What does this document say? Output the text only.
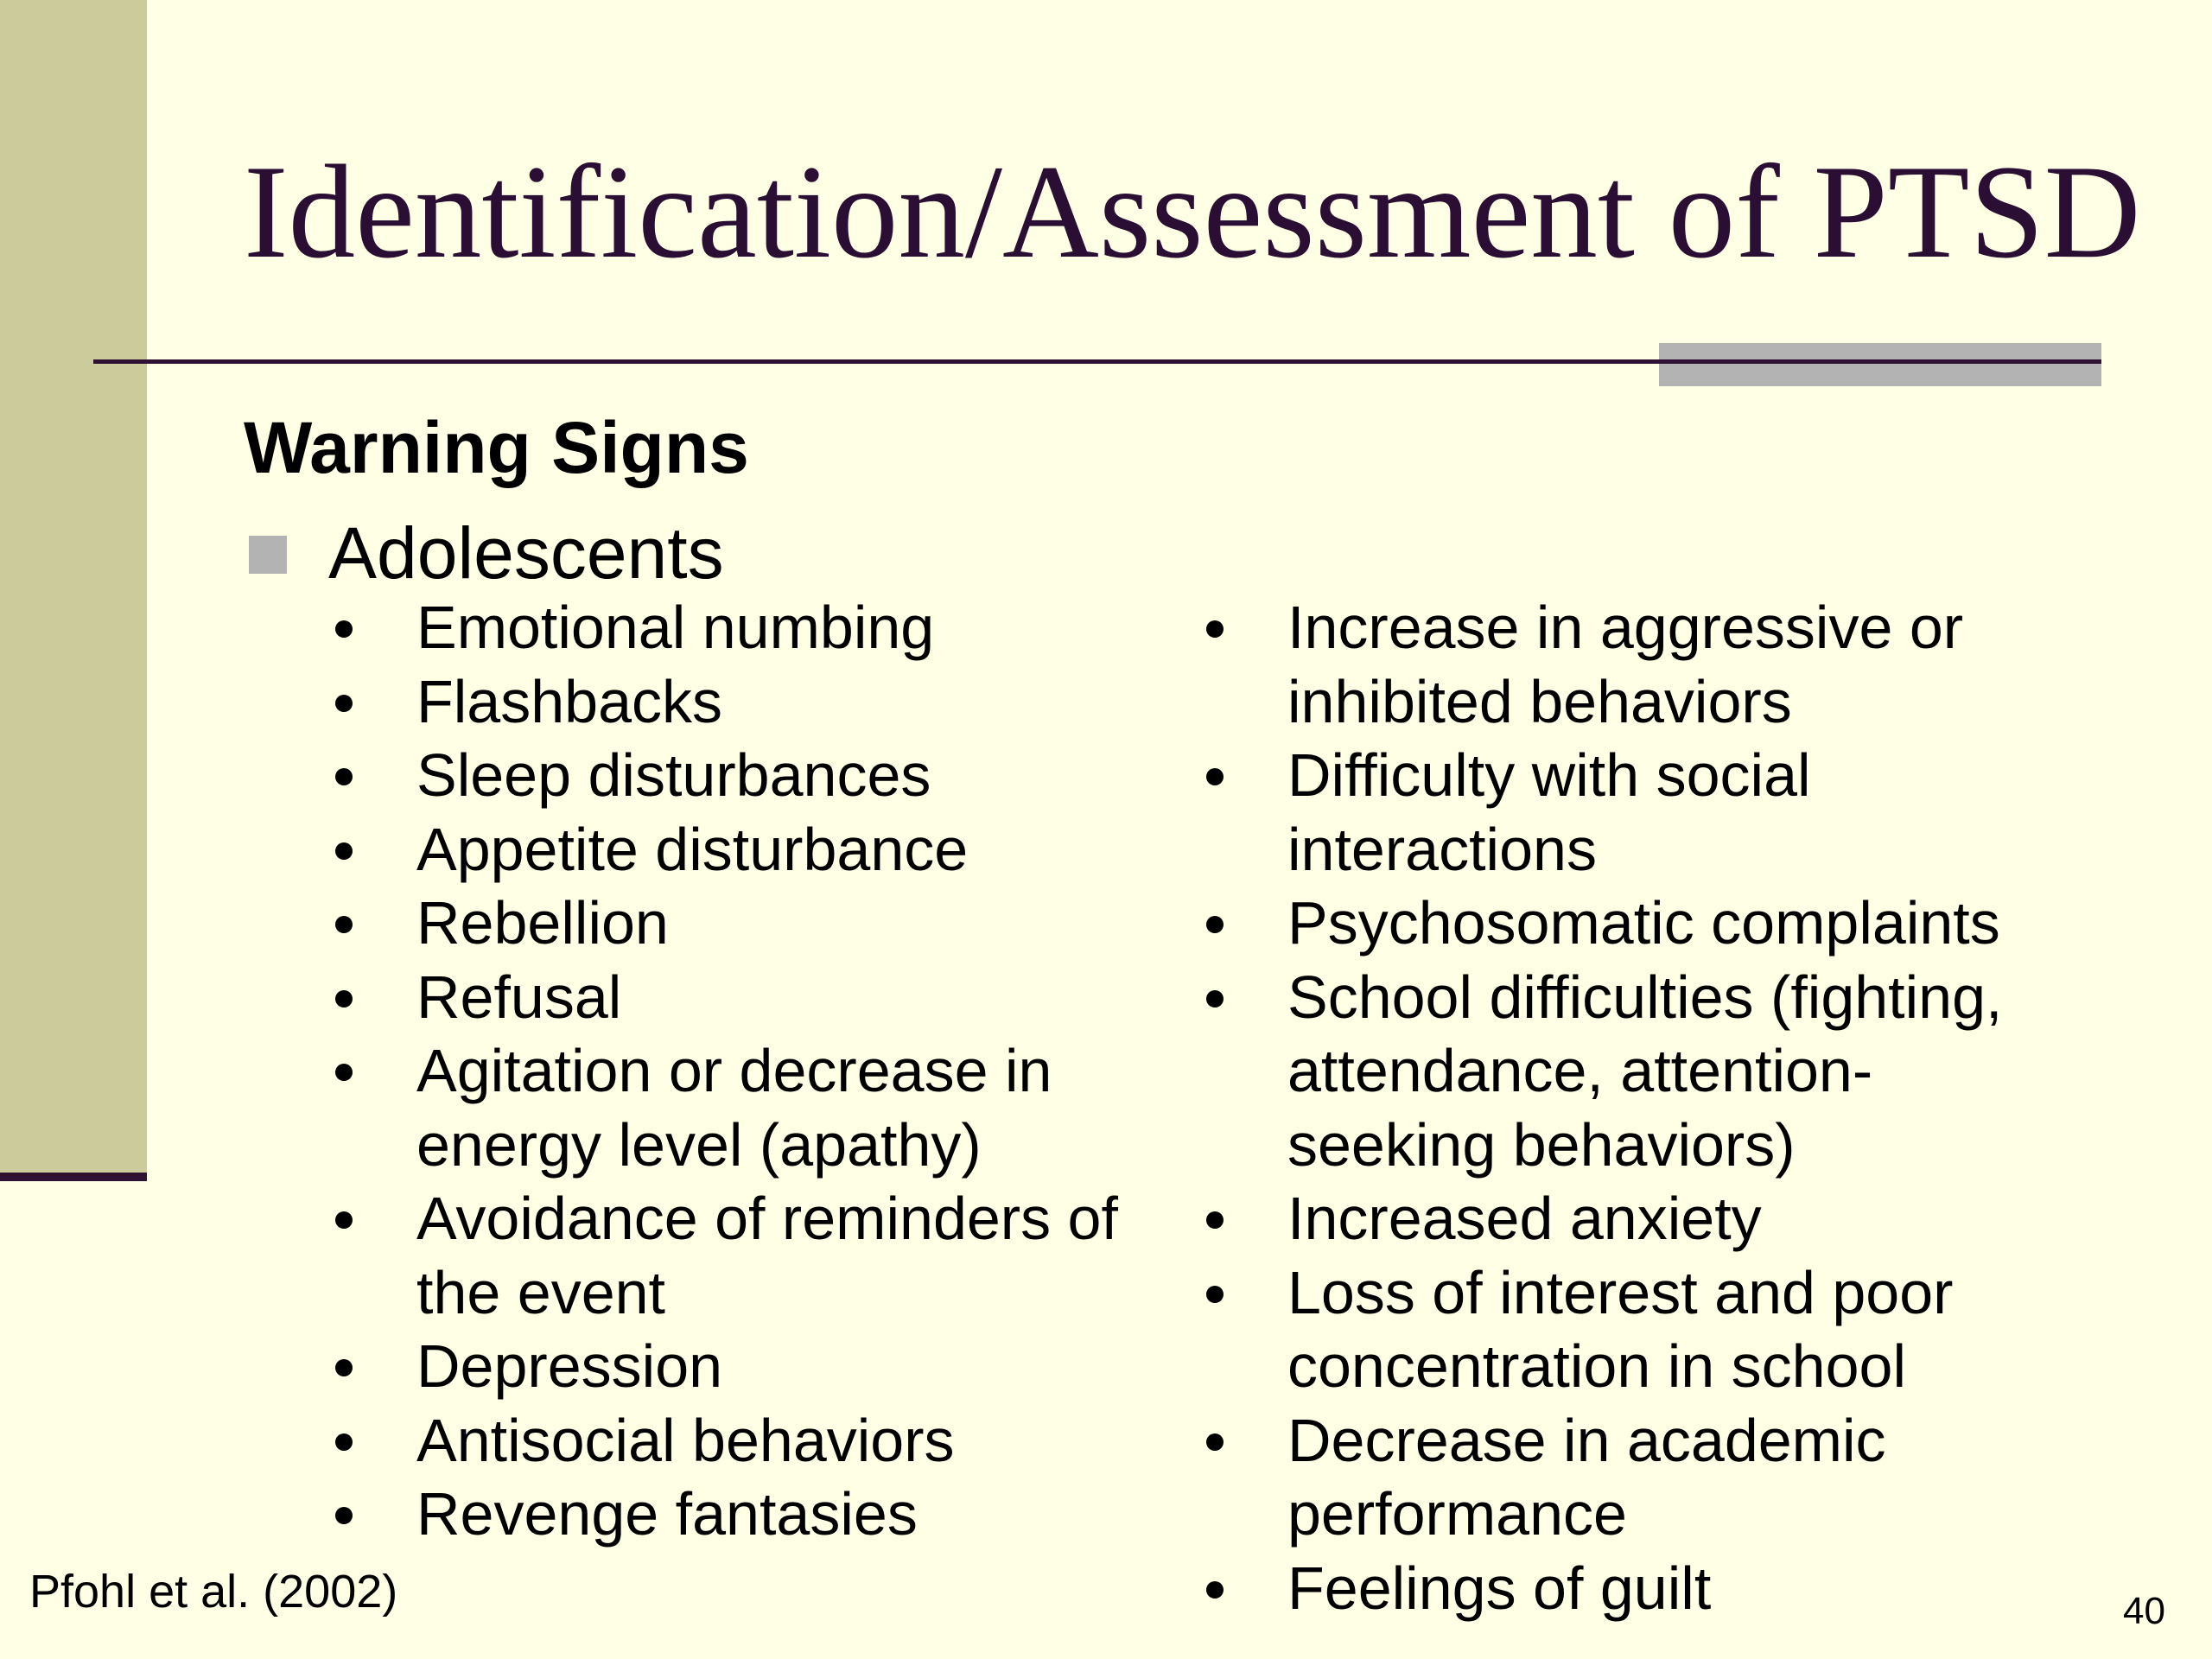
Identification/Assessment of PTSD
Warning Signs
Adolescents
Emotional numbing
Flashbacks
Sleep disturbances
Appetite disturbance
Rebellion
Refusal
Agitation or decrease in
energy level (apathy)
Avoidance of reminders of
the event
Depression
Antisocial behaviors
Revenge fantasies
Increase in aggressive or
inhibited behaviors
Difficulty with social
interactions
Psychosomatic complaints
School difficulties (fighting,
attendance, attention-
seeking behaviors)
Increased anxiety
Loss of interest and poor
concentration in school
Decrease in academic
performance
Feelings of guilt
Pfohl et al. (2002)	40
